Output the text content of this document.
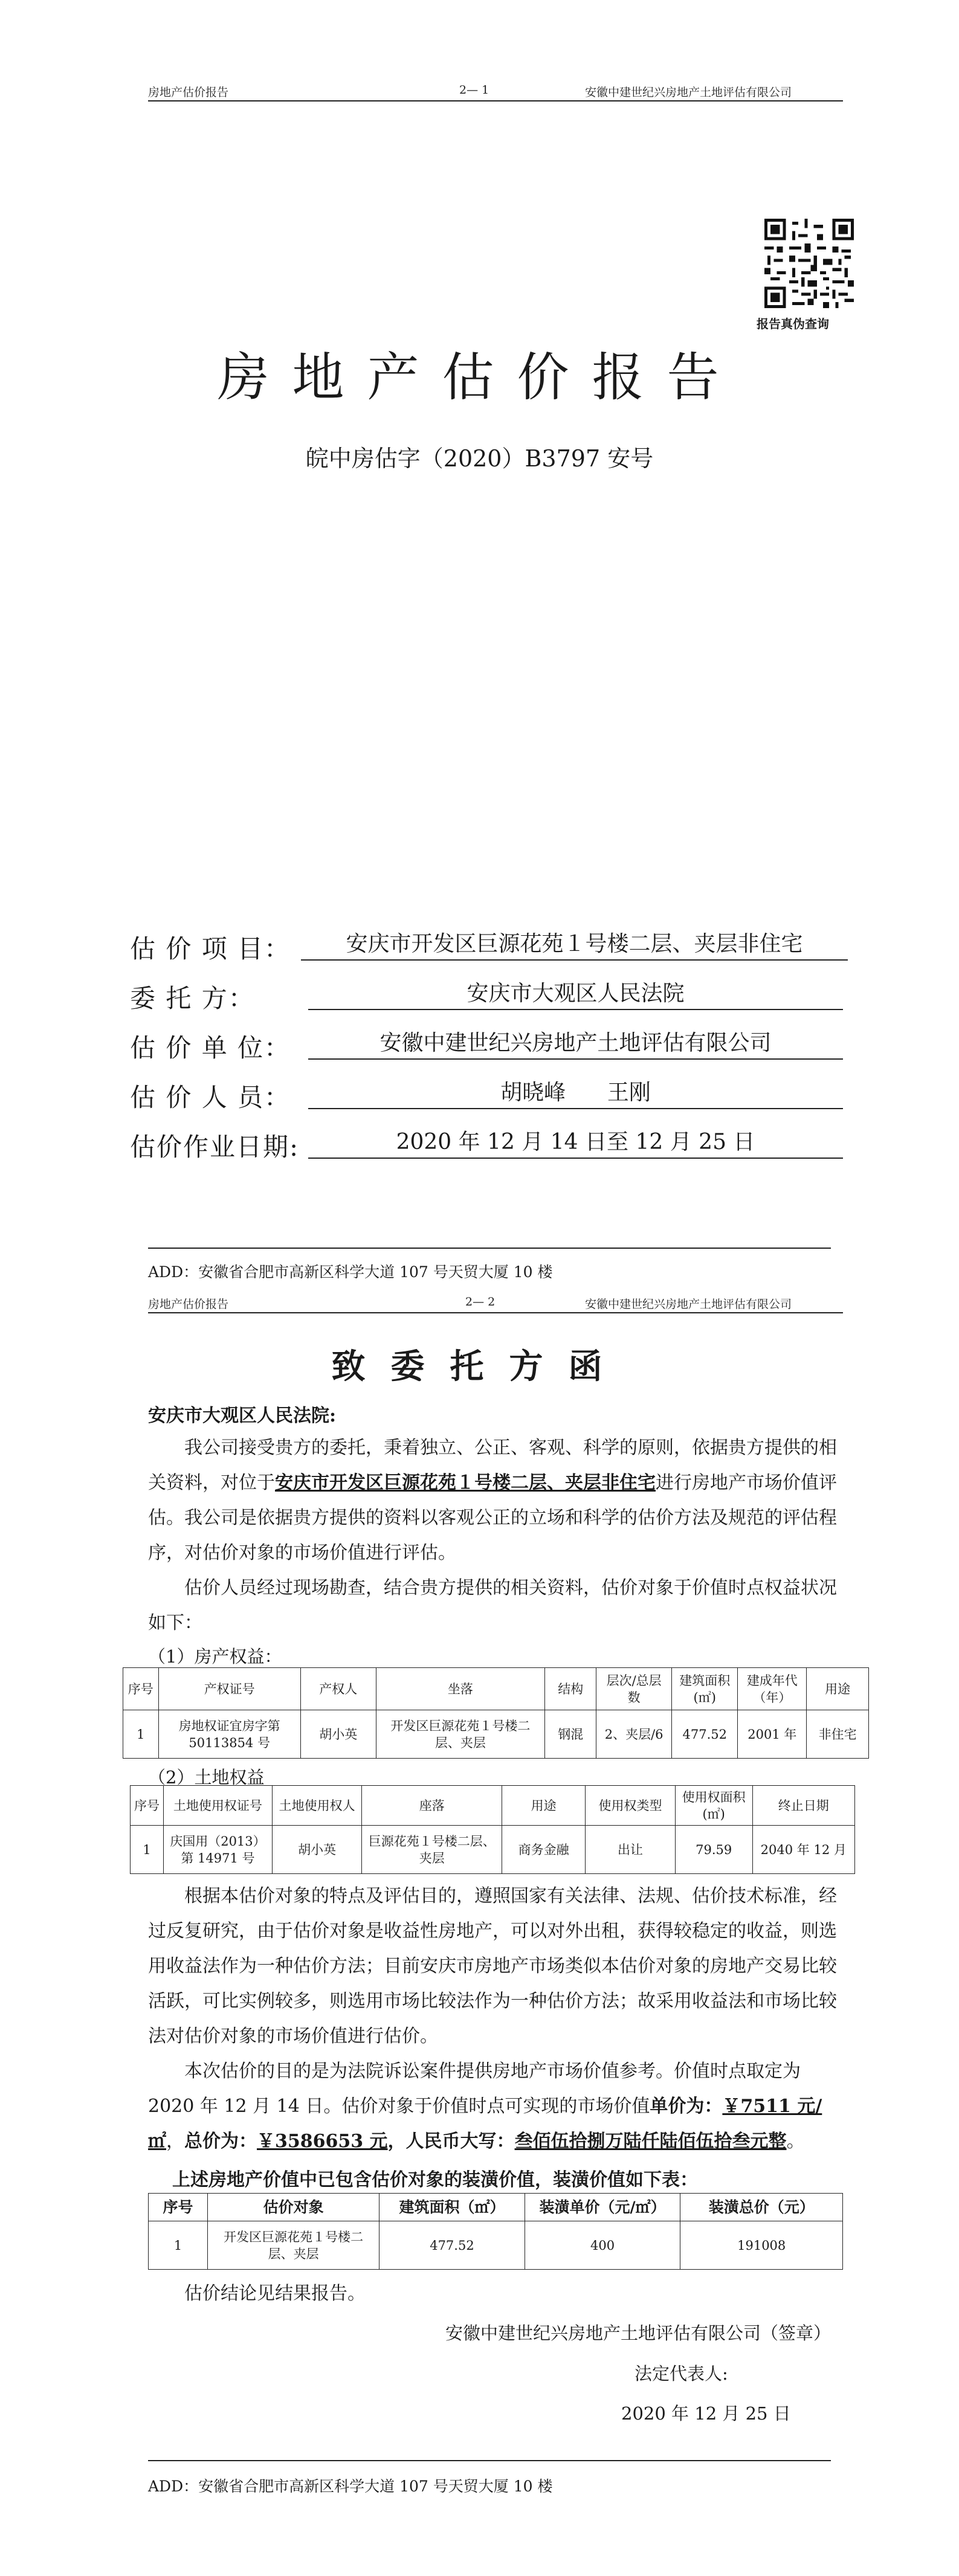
房地产估价报告	2— 1	安徽中建世纪兴房地产土地评估有限公司
报告真伪查询
房地产估价报告
皖中房估字（2020）B3797 安号
估 价 项 目：	安庆市开发区巨源花苑１号楼二层、夹层非住宅
委 托 方：	安庆市大观区人民法院
估 价 单 位：	安徽中建世纪兴房地产土地评估有限公司
估 价 人 员：	胡晓峰      王刚
估价作业日期:	2020 年 12 月 14 日至 12 月 25 日
ADD：安徽省合肥市高新区科学大道 107 号天贸大厦 10 楼
房地产估价报告	2— 2	安徽中建世纪兴房地产土地评估有限公司
致委托方函
安庆市大观区人民法院:
我公司接受贵方的委托，秉着独立、公正、客观、科学的原则，依据贵方提供的相关资料，对位于安庆市开发区巨源花苑１号楼二层、夹层非住宅进行房地产市场价值评估。我公司是依据贵方提供的资料以客观公正的立场和科学的估价方法及规范的评估程序，对估价对象的市场价值进行评估。
估价人员经过现场勘查，结合贵方提供的相关资料，估价对象于价值时点权益状况如下：
（1）房产权益：
序号	产权证号	产权人	坐落	结构	层次/总层数	建筑面积(㎡)	建成年代（年）	用途
1	房地权证宜房字第 50113854 号	胡小英	开发区巨源花苑１号楼二层、夹层	钢混	2、夹层/6	477.52	2001 年	非住宅
（2）土地权益
序号	土地使用权证号	土地使用权人	座落	用途	使用权类型	使用权面积(㎡)	终止日期
1	庆国用（2013）第 14971 号	胡小英	巨源花苑１号楼二层、夹层	商务金融	出让	79.59	2040 年 12 月
根据本估价对象的特点及评估目的，遵照国家有关法律、法规、估价技术标准，经过反复研究，由于估价对象是收益性房地产，可以对外出租，获得较稳定的收益，则选用收益法作为一种估价方法；目前安庆市房地产市场类似本估价对象的房地产交易比较活跃，可比实例较多，则选用市场比较法作为一种估价方法；故采用收益法和市场比较法对估价对象的市场价值进行估价。
本次估价的目的是为法院诉讼案件提供房地产市场价值参考。价值时点取定为 2020 年 12 月 14 日。估价对象于价值时点可实现的市场价值单价为：￥7511 元/㎡，总价为：￥3586653 元，人民币大写：叁佰伍拾捌万陆仟陆佰伍拾叁元整。
上述房地产价值中已包含估价对象的装潢价值，装潢价值如下表：
序号	估价对象	建筑面积（㎡）	装潢单价（元/㎡）	装潢总价（元）
1	开发区巨源花苑１号楼二层、夹层	477.52	400	191008
估价结论见结果报告。
安徽中建世纪兴房地产土地评估有限公司（签章）
法定代表人:
2020 年 12 月 25 日
ADD：安徽省合肥市高新区科学大道 107 号天贸大厦 10 楼
